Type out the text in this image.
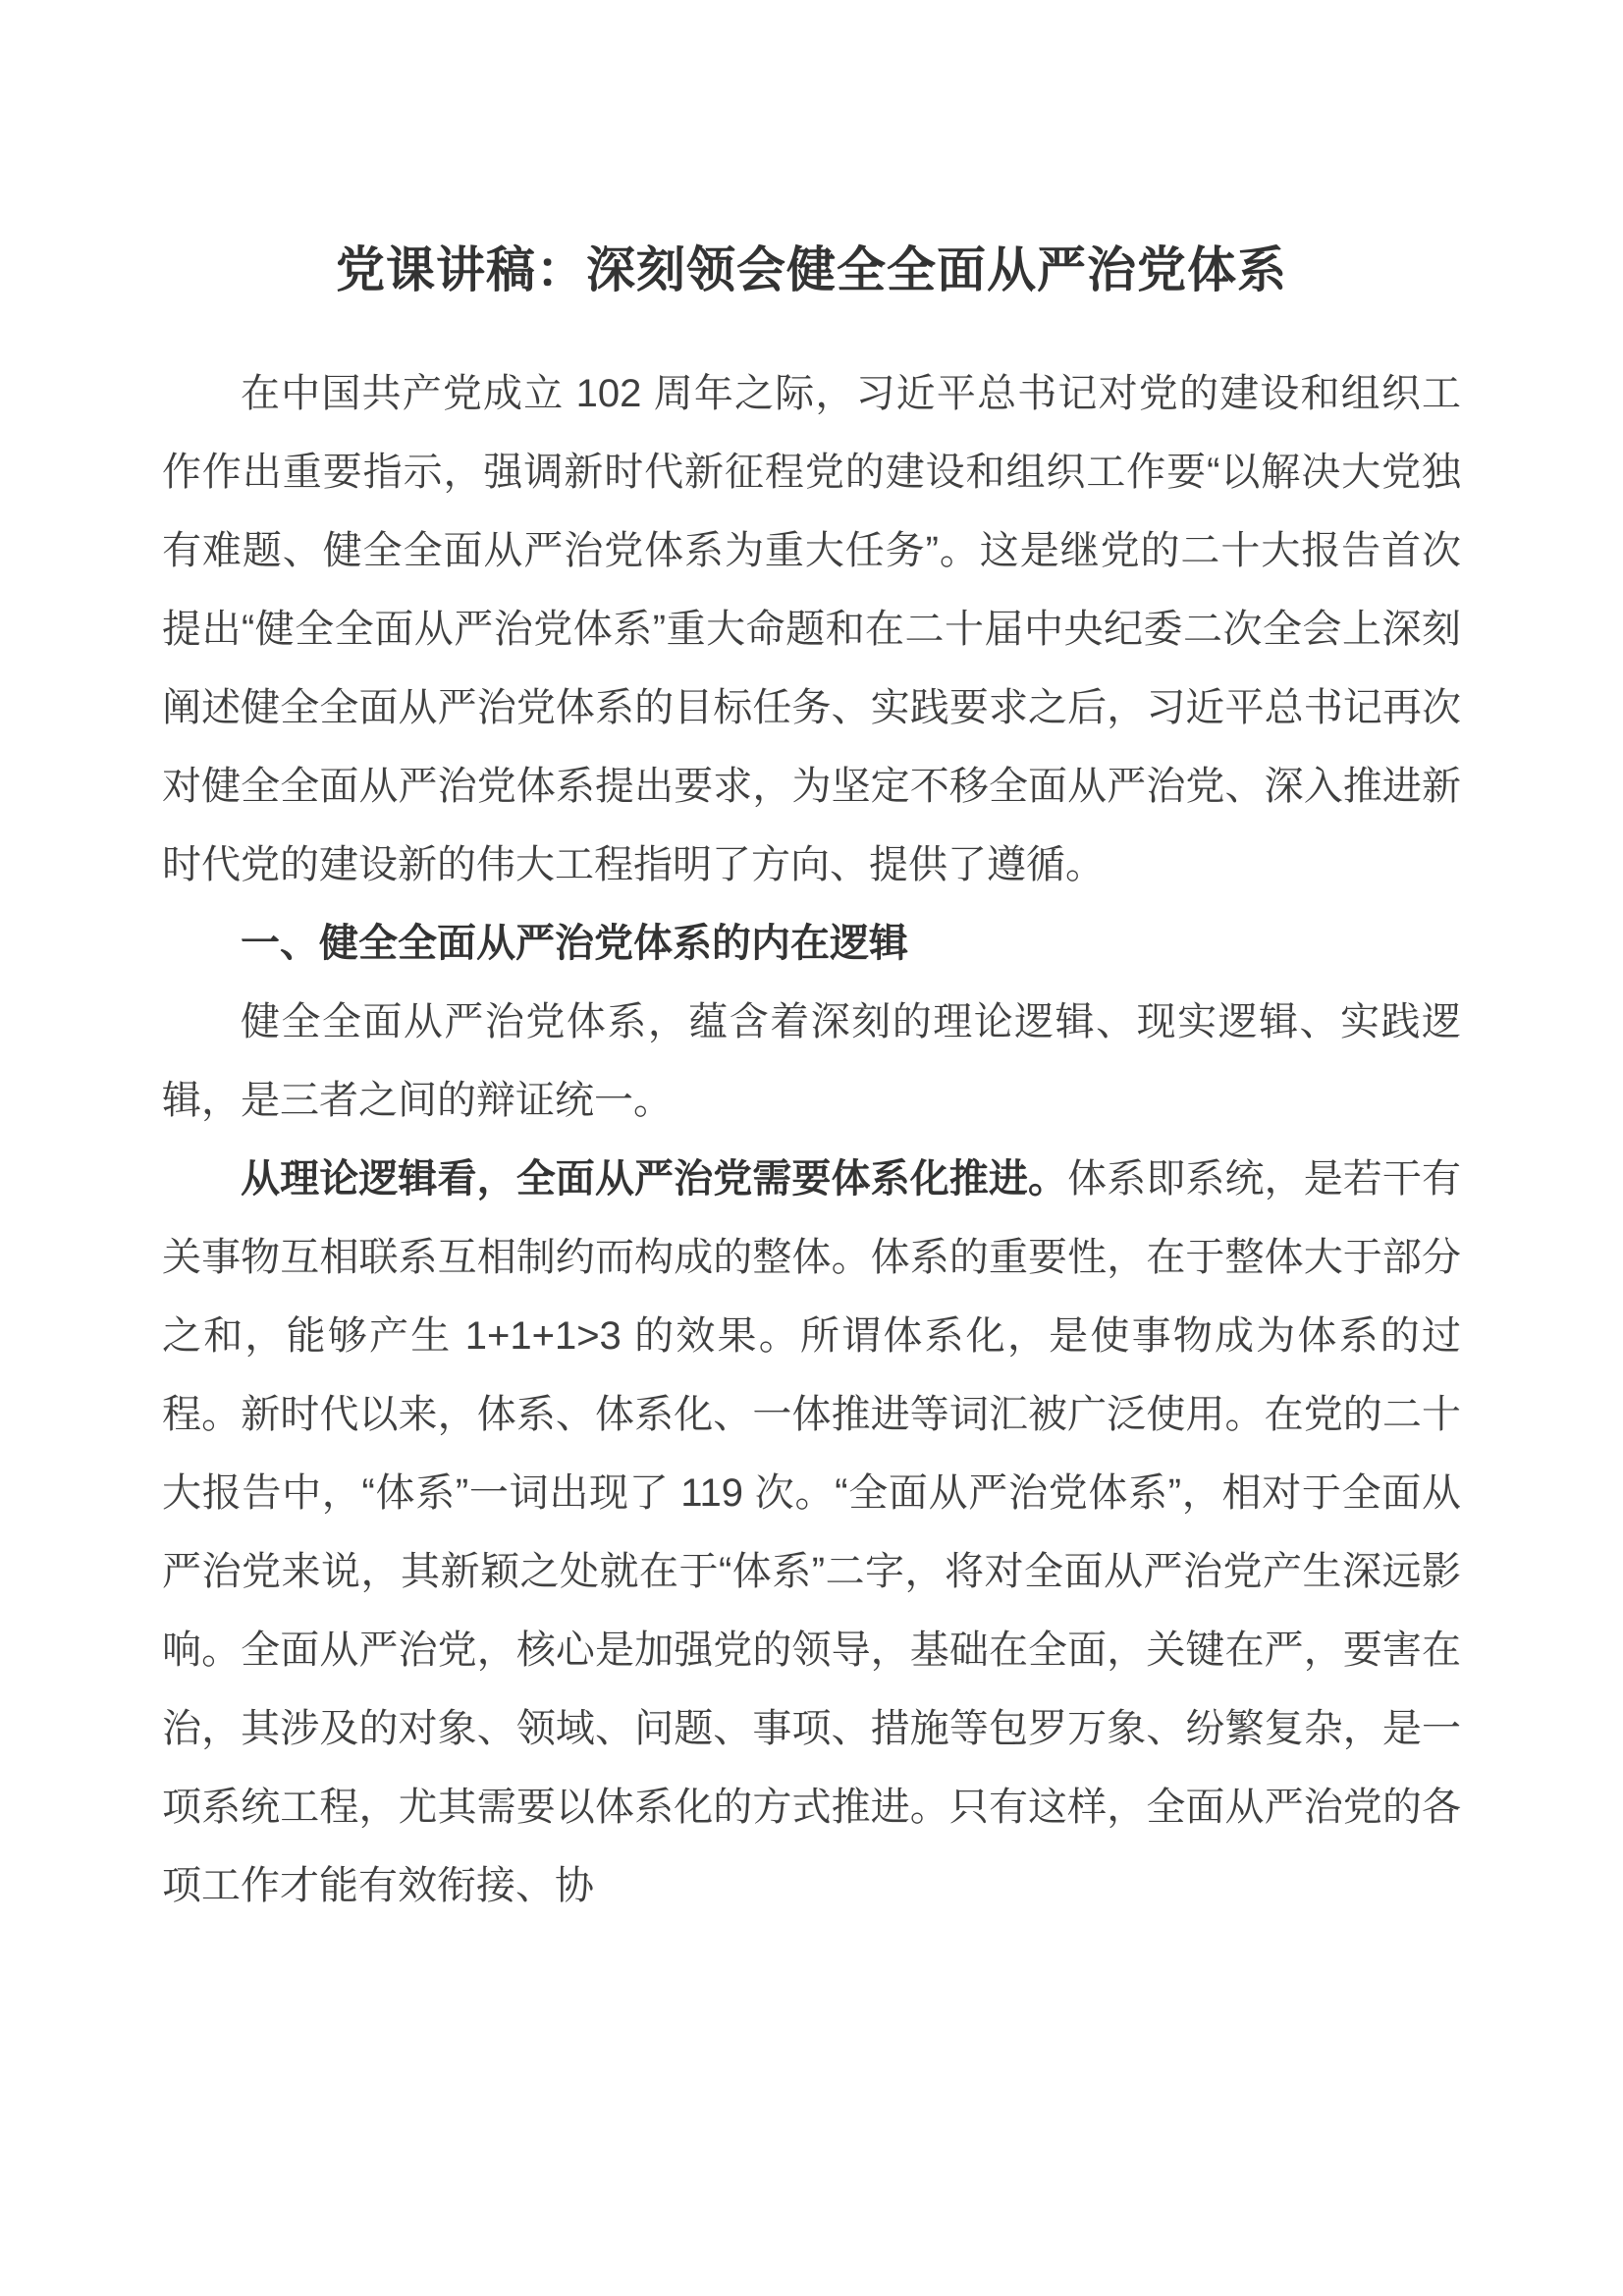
党课讲稿：深刻领会健全全面从严治党体系

在中国共产党成立 102 周年之际，习近平总书记对党的建设和组织工作作出重要指示，强调新时代新征程党的建设和组织工作要“以解决大党独有难题、健全全面从严治党体系为重大任务”。这是继党的二十大报告首次提出“健全全面从严治党体系”重大命题和在二十届中央纪委二次全会上深刻阐述健全全面从严治党体系的目标任务、实践要求之后，习近平总书记再次对健全全面从严治党体系提出要求，为坚定不移全面从严治党、深入推进新时代党的建设新的伟大工程指明了方向、提供了遵循。

一、健全全面从严治党体系的内在逻辑

健全全面从严治党体系，蕴含着深刻的理论逻辑、现实逻辑、实践逻辑，是三者之间的辩证统一。

从理论逻辑看，全面从严治党需要体系化推进。体系即系统，是若干有关事物互相联系互相制约而构成的整体。体系的重要性，在于整体大于部分之和，能够产生 1+1+1>3 的效果。所谓体系化，是使事物成为体系的过程。新时代以来，体系、体系化、一体推进等词汇被广泛使用。在党的二十大报告中，“体系”一词出现了 119 次。“全面从严治党体系”，相对于全面从严治党来说，其新颖之处就在于“体系”二字，将对全面从严治党产生深远影响。全面从严治党，核心是加强党的领导，基础在全面，关键在严，要害在治，其涉及的对象、领域、问题、事项、措施等包罗万象、纷繁复杂，是一项系统工程，尤其需要以体系化的方式推进。只有这样，全面从严治党的各项工作才能有效衔接、协
